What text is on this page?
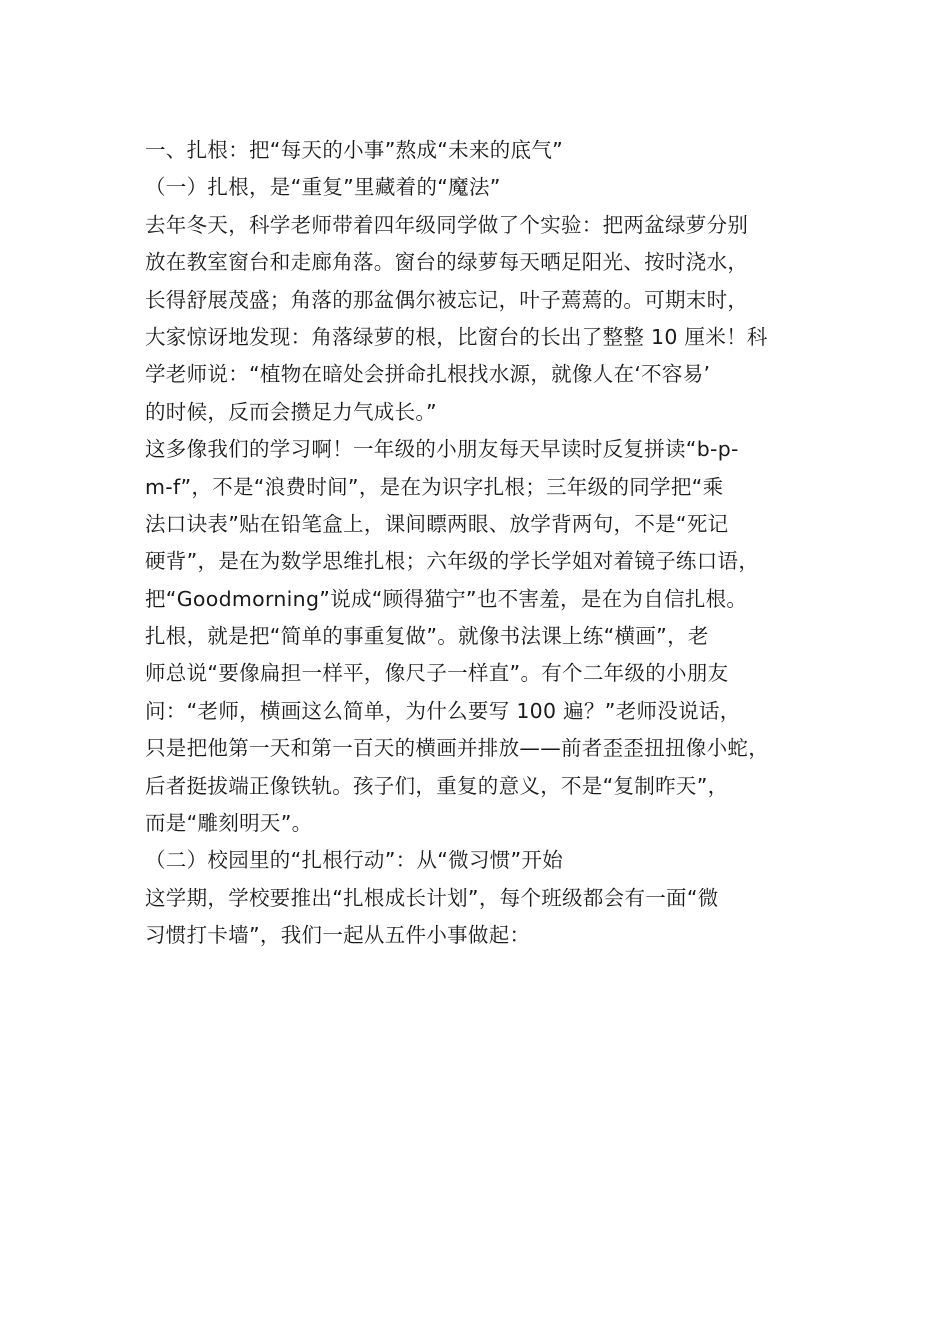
一、扎根：把“每天的小事”熬成“未来的底气”
（一）扎根，是“重复”里藏着的“魔法”
去年冬天，科学老师带着四年级同学做了个实验：把两盆绿萝分别
放在教室窗台和走廊角落。窗台的绿萝每天晒足阳光、按时浇水，
长得舒展茂盛；角落的那盆偶尔被忘记，叶子蔫蔫的。可期末时，
大家惊讶地发现：角落绿萝的根，比窗台的长出了整整 10 厘米！科
学老师说：“植物在暗处会拼命扎根找水源，就像人在‘不容易’
的时候，反而会攒足力气成长。”
这多像我们的学习啊！一年级的小朋友每天早读时反复拼读“b-p-
m-f”，不是“浪费时间”，是在为识字扎根；三年级的同学把“乘
法口诀表”贴在铅笔盒上，课间瞟两眼、放学背两句，不是“死记
硬背”，是在为数学思维扎根；六年级的学长学姐对着镜子练口语，
把“Goodmorning”说成“顾得猫宁”也不害羞，是在为自信扎根。
扎根，就是把“简单的事重复做”。就像书法课上练“横画”，老
师总说“要像扁担一样平，像尺子一样直”。有个二年级的小朋友
问：“老师，横画这么简单，为什么要写 100 遍？”老师没说话，
只是把他第一天和第一百天的横画并排放——前者歪歪扭扭像小蛇，
后者挺拔端正像铁轨。孩子们，重复的意义，不是“复制昨天”，
而是“雕刻明天”。
（二）校园里的“扎根行动”：从“微习惯”开始
这学期，学校要推出“扎根成长计划”，每个班级都会有一面“微
习惯打卡墙”，我们一起从五件小事做起：
